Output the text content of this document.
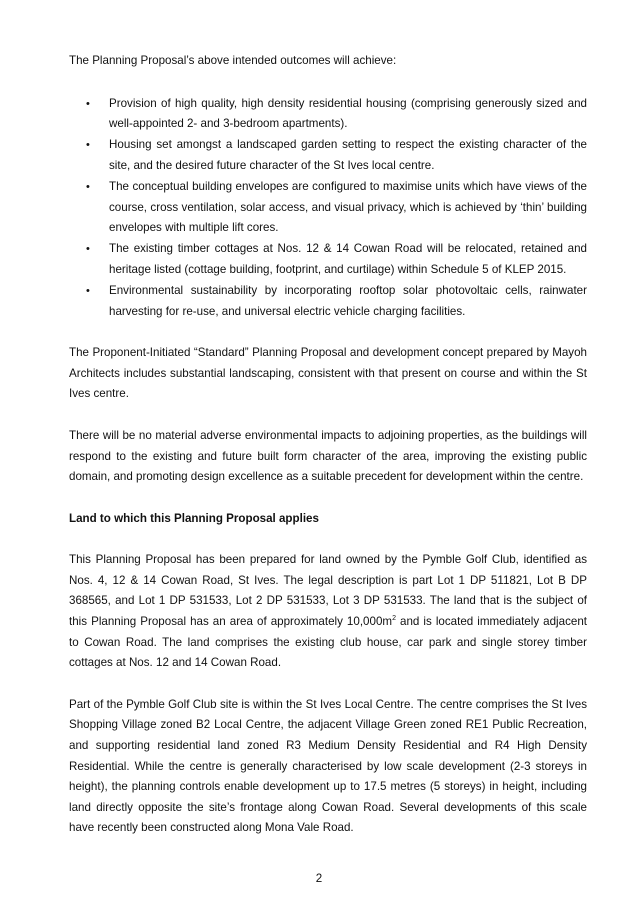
The Planning Proposal’s above intended outcomes will achieve:

• Provision of high quality, high density residential housing (comprising generously sized and well-appointed 2- and 3-bedroom apartments).
• Housing set amongst a landscaped garden setting to respect the existing character of the site, and the desired future character of the St Ives local centre.
• The conceptual building envelopes are configured to maximise units which have views of the course, cross ventilation, solar access, and visual privacy, which is achieved by ‘thin’ building envelopes with multiple lift cores.
• The existing timber cottages at Nos. 12 & 14 Cowan Road will be relocated, retained and heritage listed (cottage building, footprint, and curtilage) within Schedule 5 of KLEP 2015.
• Environmental sustainability by incorporating rooftop solar photovoltaic cells, rainwater harvesting for re-use, and universal electric vehicle charging facilities.

The Proponent-Initiated “Standard” Planning Proposal and development concept prepared by Mayoh Architects includes substantial landscaping, consistent with that present on course and within the St Ives centre.

There will be no material adverse environmental impacts to adjoining properties, as the buildings will respond to the existing and future built form character of the area, improving the existing public domain, and promoting design excellence as a suitable precedent for development within the centre.

Land to which this Planning Proposal applies

This Planning Proposal has been prepared for land owned by the Pymble Golf Club, identified as Nos. 4, 12 & 14 Cowan Road, St Ives. The legal description is part Lot 1 DP 511821, Lot B DP 368565, and Lot 1 DP 531533, Lot 2 DP 531533, Lot 3 DP 531533. The land that is the subject of this Planning Proposal has an area of approximately $10,000m^2$ and is located immediately adjacent to Cowan Road. The land comprises the existing club house, car park and single storey timber cottages at Nos. 12 and 14 Cowan Road.

Part of the Pymble Golf Club site is within the St Ives Local Centre. The centre comprises the St Ives Shopping Village zoned B2 Local Centre, the adjacent Village Green zoned RE1 Public Recreation, and supporting residential land zoned R3 Medium Density Residential and R4 High Density Residential. While the centre is generally characterised by low scale development (2-3 storeys in height), the planning controls enable development up to 17.5 metres (5 storeys) in height, including land directly opposite the site’s frontage along Cowan Road. Several developments of this scale have recently been constructed along Mona Vale Road.

2
